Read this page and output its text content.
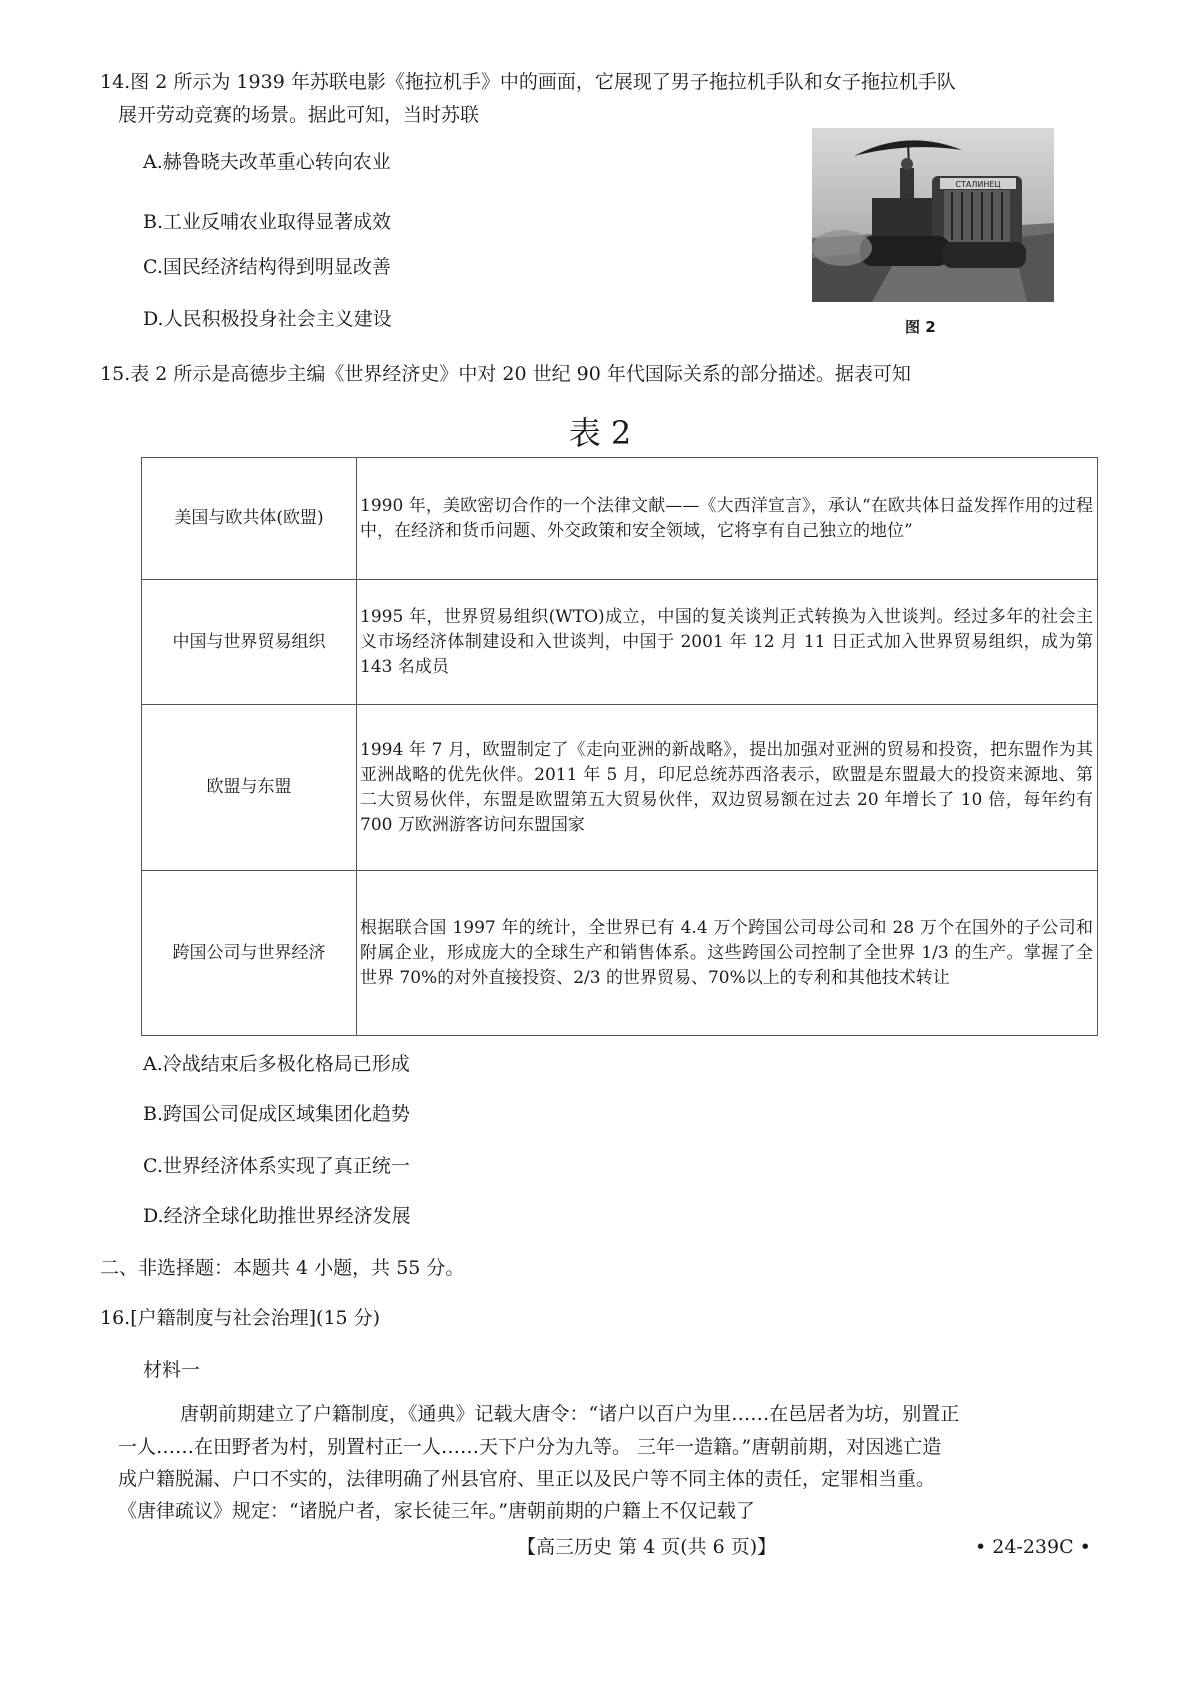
14.图 2 所示为 1939 年苏联电影《拖拉机手》中的画面，它展现了男子拖拉机手队和女子拖拉机手队
展开劳动竞赛的场景。据此可知，当时苏联
A.赫鲁晓夫改革重心转向农业
B.工业反哺农业取得显著成效
C.国民经济结构得到明显改善
D.人民积极投身社会主义建设
СТАЛИНЕЦ
图 2
15.表 2 所示是高德步主编《世界经济史》中对 20 世纪 90 年代国际关系的部分描述。据表可知
表 2
美国与欧共体(欧盟)	1990 年，美欧密切合作的一个法律文献——《大西洋宣言》，承认“在欧共体日益发挥作用的过程中，在经济和货币问题、外交政策和安全领域，它将享有自己独立的地位”
中国与世界贸易组织	1995 年，世界贸易组织(WTO)成立，中国的复关谈判正式转换为入世谈判。经过多年的社会主义市场经济体制建设和入世谈判，中国于 2001 年 12 月 11 日正式加入世界贸易组织，成为第 143 名成员
欧盟与东盟	1994 年 7 月，欧盟制定了《走向亚洲的新战略》，提出加强对亚洲的贸易和投资，把东盟作为其亚洲战略的优先伙伴。2011 年 5 月，印尼总统苏西洛表示，欧盟是东盟最大的投资来源地、第二大贸易伙伴，东盟是欧盟第五大贸易伙伴，双边贸易额在过去 20 年增长了 10 倍，每年约有 700 万欧洲游客访问东盟国家
跨国公司与世界经济	根据联合国 1997 年的统计，全世界已有 4.4 万个跨国公司母公司和 28 万个在国外的子公司和附属企业，形成庞大的全球生产和销售体系。这些跨国公司控制了全世界 1/3 的生产。掌握了全世界 70%的对外直接投资、2/3 的世界贸易、70%以上的专利和其他技术转让
A.冷战结束后多极化格局已形成
B.跨国公司促成区域集团化趋势
C.世界经济体系实现了真正统一
D.经济全球化助推世界经济发展
二、非选择题：本题共 4 小题，共 55 分。
16.[户籍制度与社会治理](15 分)
材料一
唐朝前期建立了户籍制度，《通典》记载大唐令：“诸户以百户为里……在邑居者为坊，别置正
一人……在田野者为村，别置村正一人……天下户分为九等。 三年一造籍。”唐朝前期，对因逃亡造
成户籍脱漏、户口不实的，法律明确了州县官府、里正以及民户等不同主体的责任，定罪相当重。
《唐律疏议》规定：“诸脱户者，家长徒三年。”唐朝前期的户籍上不仅记载了
【高三历史 第 4 页(共 6 页)】	• 24-239C •
